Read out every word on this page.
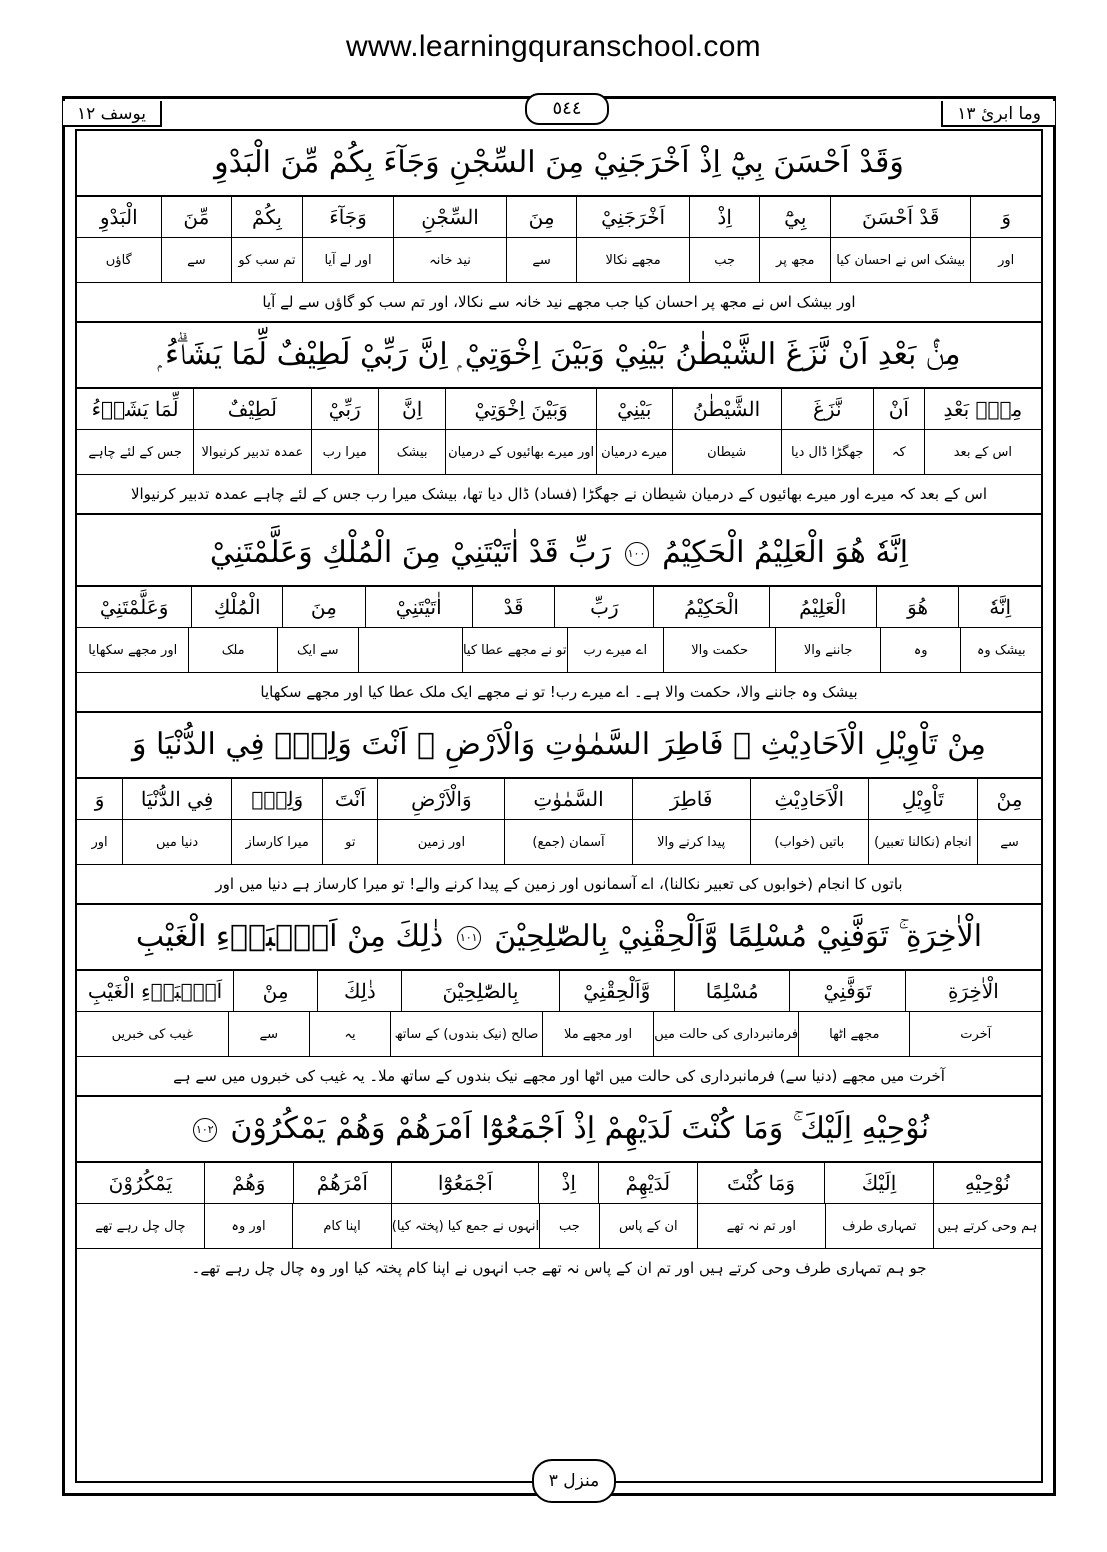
www.learningquranschool.com
وما ابرئ ١٣
٥٤٤
یوسف ١٢
وَقَدْ اَحْسَنَ بِيْٓ اِذْ اَخْرَجَنِيْ مِنَ السِّجْنِ وَجَآءَ بِكُمْ مِّنَ الْبَدْوِ
وَ
قَدْ اَحْسَنَ
بِيْٓ
اِذْ
اَخْرَجَنِيْ
مِنَ
السِّجْنِ
وَجَآءَ
بِكُمْ
مِّنَ
الْبَدْوِ
اور
بیشک اس نے احسان کیا
مجھ پر
جب
مجھے نکالا
سے
نید خانہ
اور لے آیا
تم سب کو
سے
گاؤں
اور بیشک اس نے مجھ پر احسان کیا جب مجھے نید خانہ سے نکالا، اور تم سب کو گاؤں سے لے آیا
مِنْۢ بَعْدِ اَنْ نَّزَغَ الشَّيْطٰنُ بَيْنِيْ وَبَيْنَ اِخْوَتِيْ ۭ اِنَّ رَبِّيْ لَطِيْفٌ لِّمَا يَشَاۗءُ ۭ
مِنْۢ بَعْدِ
اَنْ
نَّزَغَ
الشَّيْطٰنُ
بَيْنِيْ
وَبَيْنَ اِخْوَتِيْ
اِنَّ
رَبِّيْ
لَطِيْفٌ
لِّمَا يَشَاۗءُ
اس کے بعد
کہ
جھگڑا ڈال دیا
شیطان
میرے درمیان
اور میرے بھائیوں کے درمیان
بیشک
میرا رب
عمدہ تدبیر کرنیوالا
جس کے لئے چاہے
اس کے بعد کہ میرے اور میرے بھائیوں کے درمیان شیطان نے جھگڑا (فساد) ڈال دیا تھا، بیشک میرا رب جس کے لئے چاہے عمدہ تدبیر کرنیوالا
اِنَّهٗ هُوَ الْعَلِيْمُ الْحَكِيْمُ ١٠٠ رَبِّ قَدْ اٰتَيْتَنِيْ مِنَ الْمُلْكِ وَعَلَّمْتَنِيْ
اِنَّهٗ
هُوَ
الْعَلِيْمُ
الْحَكِيْمُ
رَبِّ
قَدْ
اٰتَيْتَنِيْ
مِنَ
الْمُلْكِ
وَعَلَّمْتَنِيْ
بیشک وہ
وہ
جاننے والا
حکمت والا
اے میرے رب
تو نے مجھے عطا کیا
سے ایک
ملک
اور مجھے سکھایا
بیشک وہ جاننے والا، حکمت والا ہے۔ اے میرے رب! تو نے مجھے ایک ملک عطا کیا اور مجھے سکھایا
مِنْ تَاْوِيْلِ الْاَحَادِيْثِ ۚ فَاطِرَ السَّمٰوٰتِ وَالْاَرْضِ ۣ اَنْتَ وَلِيّٖ فِي الدُّنْيَا وَ
مِنْ
تَاْوِيْلِ
الْاَحَادِيْثِ
فَاطِرَ
السَّمٰوٰتِ
وَالْاَرْضِ
اَنْتَ
وَلِيّٖ
فِي الدُّنْيَا
وَ
سے
انجام (نکالنا تعبیر)
باتیں (خواب)
پیدا کرنے والا
آسمان (جمع)
اور زمین
تو
میرا کارساز
دنیا میں
اور
باتوں کا انجام (خوابوں کی تعبیر نکالنا)، اے آسمانوں اور زمین کے پیدا کرنے والے! تو میرا کارساز ہے دنیا میں اور
الْاٰخِرَةِ ۚ تَوَفَّنِيْ مُسْلِمًا وَّاَلْحِقْنِيْ بِالصّٰلِحِيْنَ ١٠١ ذٰلِكَ مِنْ اَنْۢبَاۗءِ الْغَيْبِ
الْاٰخِرَةِ
تَوَفَّنِيْ
مُسْلِمًا
وَّاَلْحِقْنِيْ
بِالصّٰلِحِيْنَ
ذٰلِكَ
مِنْ
اَنْۢبَاۗءِ الْغَيْبِ
آخرت
مجھے اٹھا
فرمانبرداری کی حالت میں
اور مجھے ملا
صالح (نیک بندوں) کے ساتھ
یہ
سے
غیب کی خبریں
آخرت میں مجھے (دنیا سے) فرمانبرداری کی حالت میں اٹھا اور مجھے نیک بندوں کے ساتھ ملا۔ یہ غیب کی خبروں میں سے ہے
نُوْحِيْهِ اِلَيْكَ ۚ وَمَا كُنْتَ لَدَيْهِمْ اِذْ اَجْمَعُوْٓا اَمْرَهُمْ وَهُمْ يَمْكُرُوْنَ ١٠٢
نُوْحِيْهِ
اِلَيْكَ
وَمَا كُنْتَ
لَدَيْهِمْ
اِذْ
اَجْمَعُوْٓا
اَمْرَهُمْ
وَهُمْ
يَمْكُرُوْنَ
ہم وحی کرتے ہیں
تمہاری طرف
اور تم نہ تھے
ان کے پاس
جب
انہوں نے جمع کیا (پختہ کیا)
اپنا کام
اور وہ
چال چل رہے تھے
جو ہم تمہاری طرف وحی کرتے ہیں اور تم ان کے پاس نہ تھے جب انہوں نے اپنا کام پختہ کیا اور وہ چال چل رہے تھے۔
منزل ٣
